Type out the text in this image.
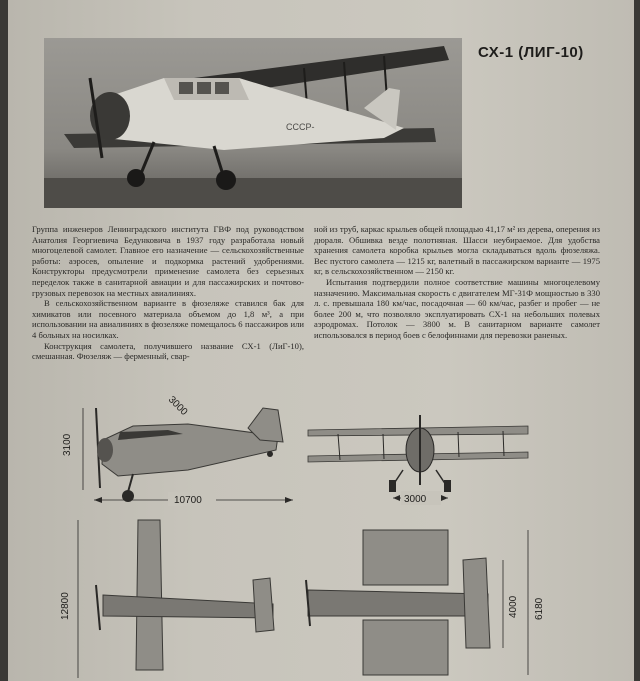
СССР-
СХ-1 (ЛИГ-10)

Группа инженеров Ленинградского института ГВФ под руководством Анатолия Георгиевича Бедунковича в 1937 году разработала новый многоцелевой самолет. Главное его назначение — сельскохозяйственные работы: аэросев, опыление и подкормка растений удобрениями. Конструкторы предусмотрели применение самолета без серьезных переделок также в санитарной авиации и для пассажирских и почтово-грузовых перевозок на местных авиалиниях.

В сельскохозяйственном варианте в фюзеляже ставился бак для химикатов или посевного материала объемом до 1,8 м³, а при использовании на авиалиниях в фюзеляже помещалось 6 пассажиров или 4 больных на носилках.

Конструкция самолета, получившего название СХ-1 (ЛиГ-10), смешанная. Фюзеляж — ферменный, свар-

ной из труб, каркас крыльев общей площадью 41,17 м² из дерева, оперения из дюраля. Обшивка везде полотняная. Шасси неубираемое. Для удобства хранения самолета коробка крыльев могла складываться вдоль фюзеляжа. Вес пустого самолета — 1215 кг, валетный в пассажирском варианте — 1975 кг, в сельскохозяйственном — 2150 кг.

Испытания подтвердили полное соответствие машины многоцелевому назначению. Максимальная скорость с двигателем МГ-31Ф мощностью в 330 л. с. превышала 180 км/час, посадочная — 60 км/час, разбег и пробег — не более 200 м, что позволяло эксплуатировать СХ-1 на небольших полевых аэродромах. Потолок — 3800 м. В санитарном варианте самолет использовался в период боев с белофиннами для перевозки раненых.

3100
3000
10700	3000
12800	4000 6180
